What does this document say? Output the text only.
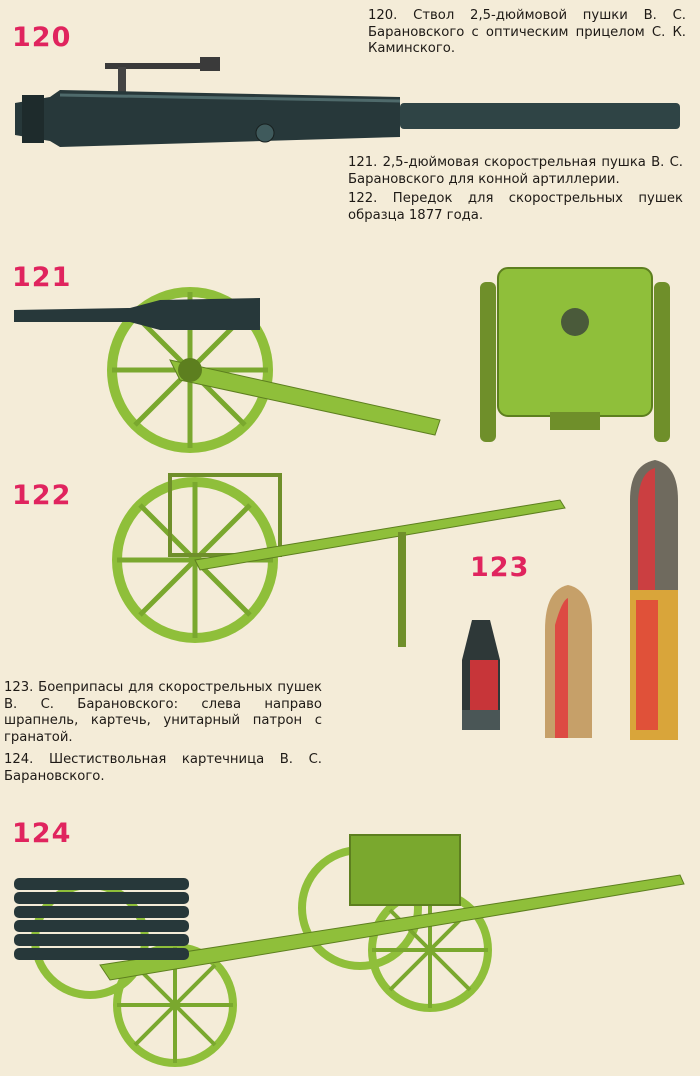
120
121
122
123
124

120. Ствол 2,5-дюймовой пушки В. С. Барановского с оптическим прицелом С. К. Каминского.

121. 2,5-дюймовая скорострельная пушка В. С. Барановского для конной артиллерии.

122. Передок для скорострельных пушек образца 1877 года.

123. Боеприпасы для скорострельных пушек В. С. Барановского: слева направо шрапнель, картечь, унитарный патрон с гранатой.

124. Шестиствольная картечница В. С. Барановского.
